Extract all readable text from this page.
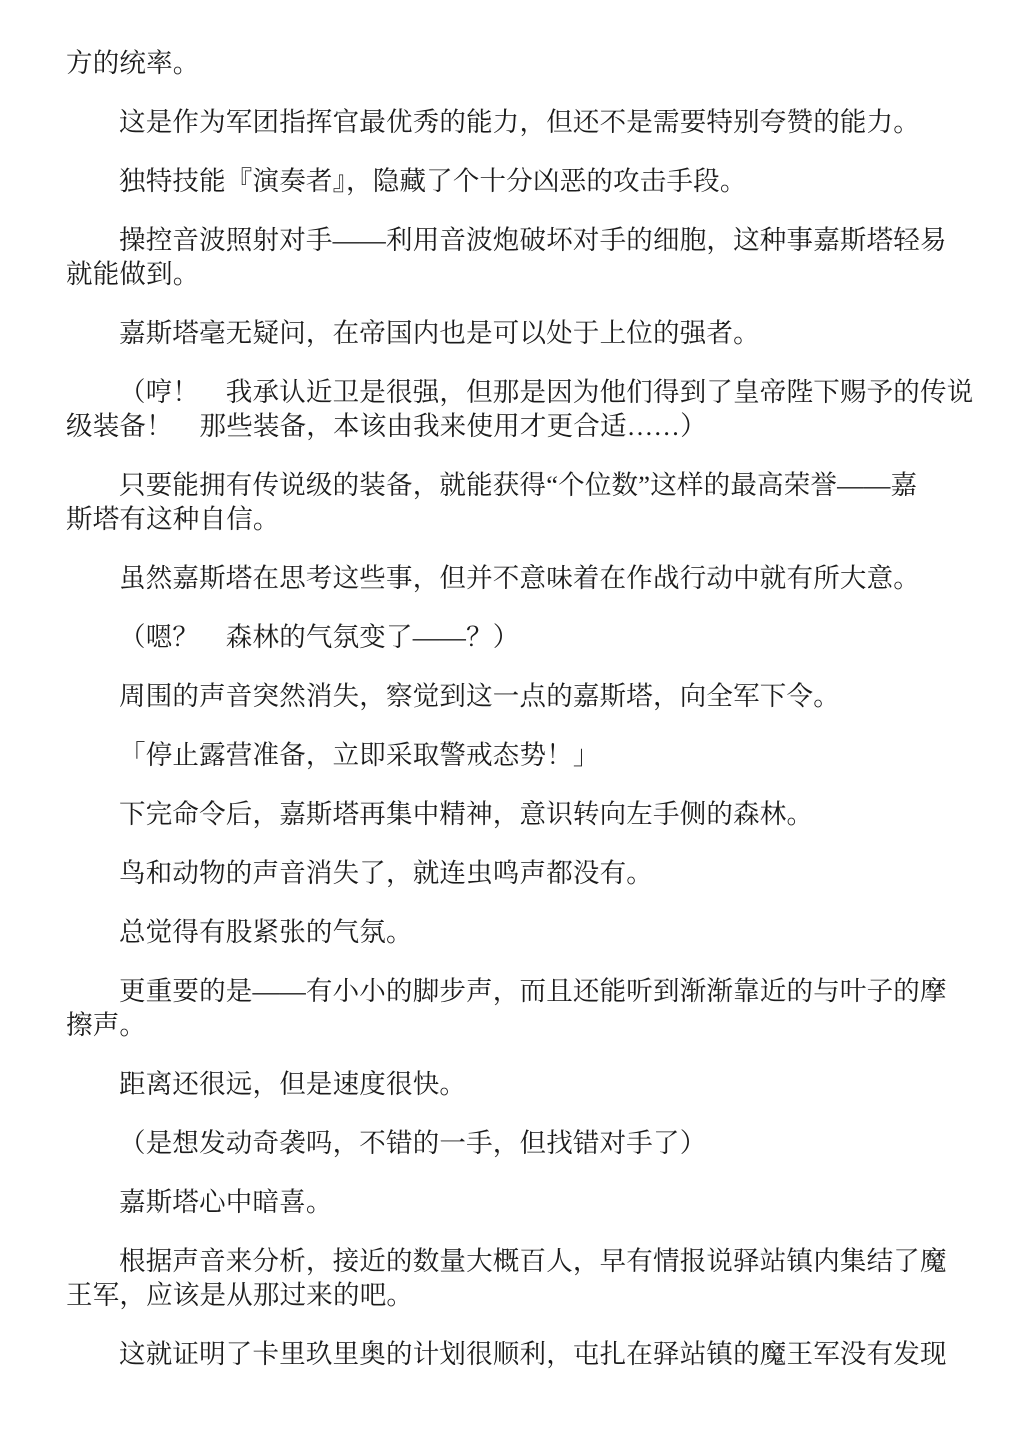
方的统率。

这是作为军团指挥官最优秀的能力，但还不是需要特别夸赞的能力。

独特技能『演奏者』，隐藏了个十分凶恶的攻击手段。

操控音波照射对手——利用音波炮破坏对手的细胞，这种事嘉斯塔轻易
就能做到。

嘉斯塔毫无疑问，在帝国内也是可以处于上位的强者。

（哼！　我承认近卫是很强，但那是因为他们得到了皇帝陛下赐予的传说
级装备！　那些装备，本该由我来使用才更合适……）

只要能拥有传说级的装备，就能获得“个位数”这样的最高荣誉——嘉
斯塔有这种自信。

虽然嘉斯塔在思考这些事，但并不意味着在作战行动中就有所大意。

（嗯？　森林的气氛变了——？）

周围的声音突然消失，察觉到这一点的嘉斯塔，向全军下令。

「停止露营准备，立即采取警戒态势！」

下完命令后，嘉斯塔再集中精神，意识转向左手侧的森林。

鸟和动物的声音消失了，就连虫鸣声都没有。

总觉得有股紧张的气氛。

更重要的是——有小小的脚步声，而且还能听到渐渐靠近的与叶子的摩
擦声。

距离还很远，但是速度很快。

（是想发动奇袭吗，不错的一手，但找错对手了）

嘉斯塔心中暗喜。

根据声音来分析，接近的数量大概百人，早有情报说驿站镇内集结了魔
王军，应该是从那过来的吧。

这就证明了卡里玖里奥的计划很顺利，屯扎在驿站镇的魔王军没有发现
